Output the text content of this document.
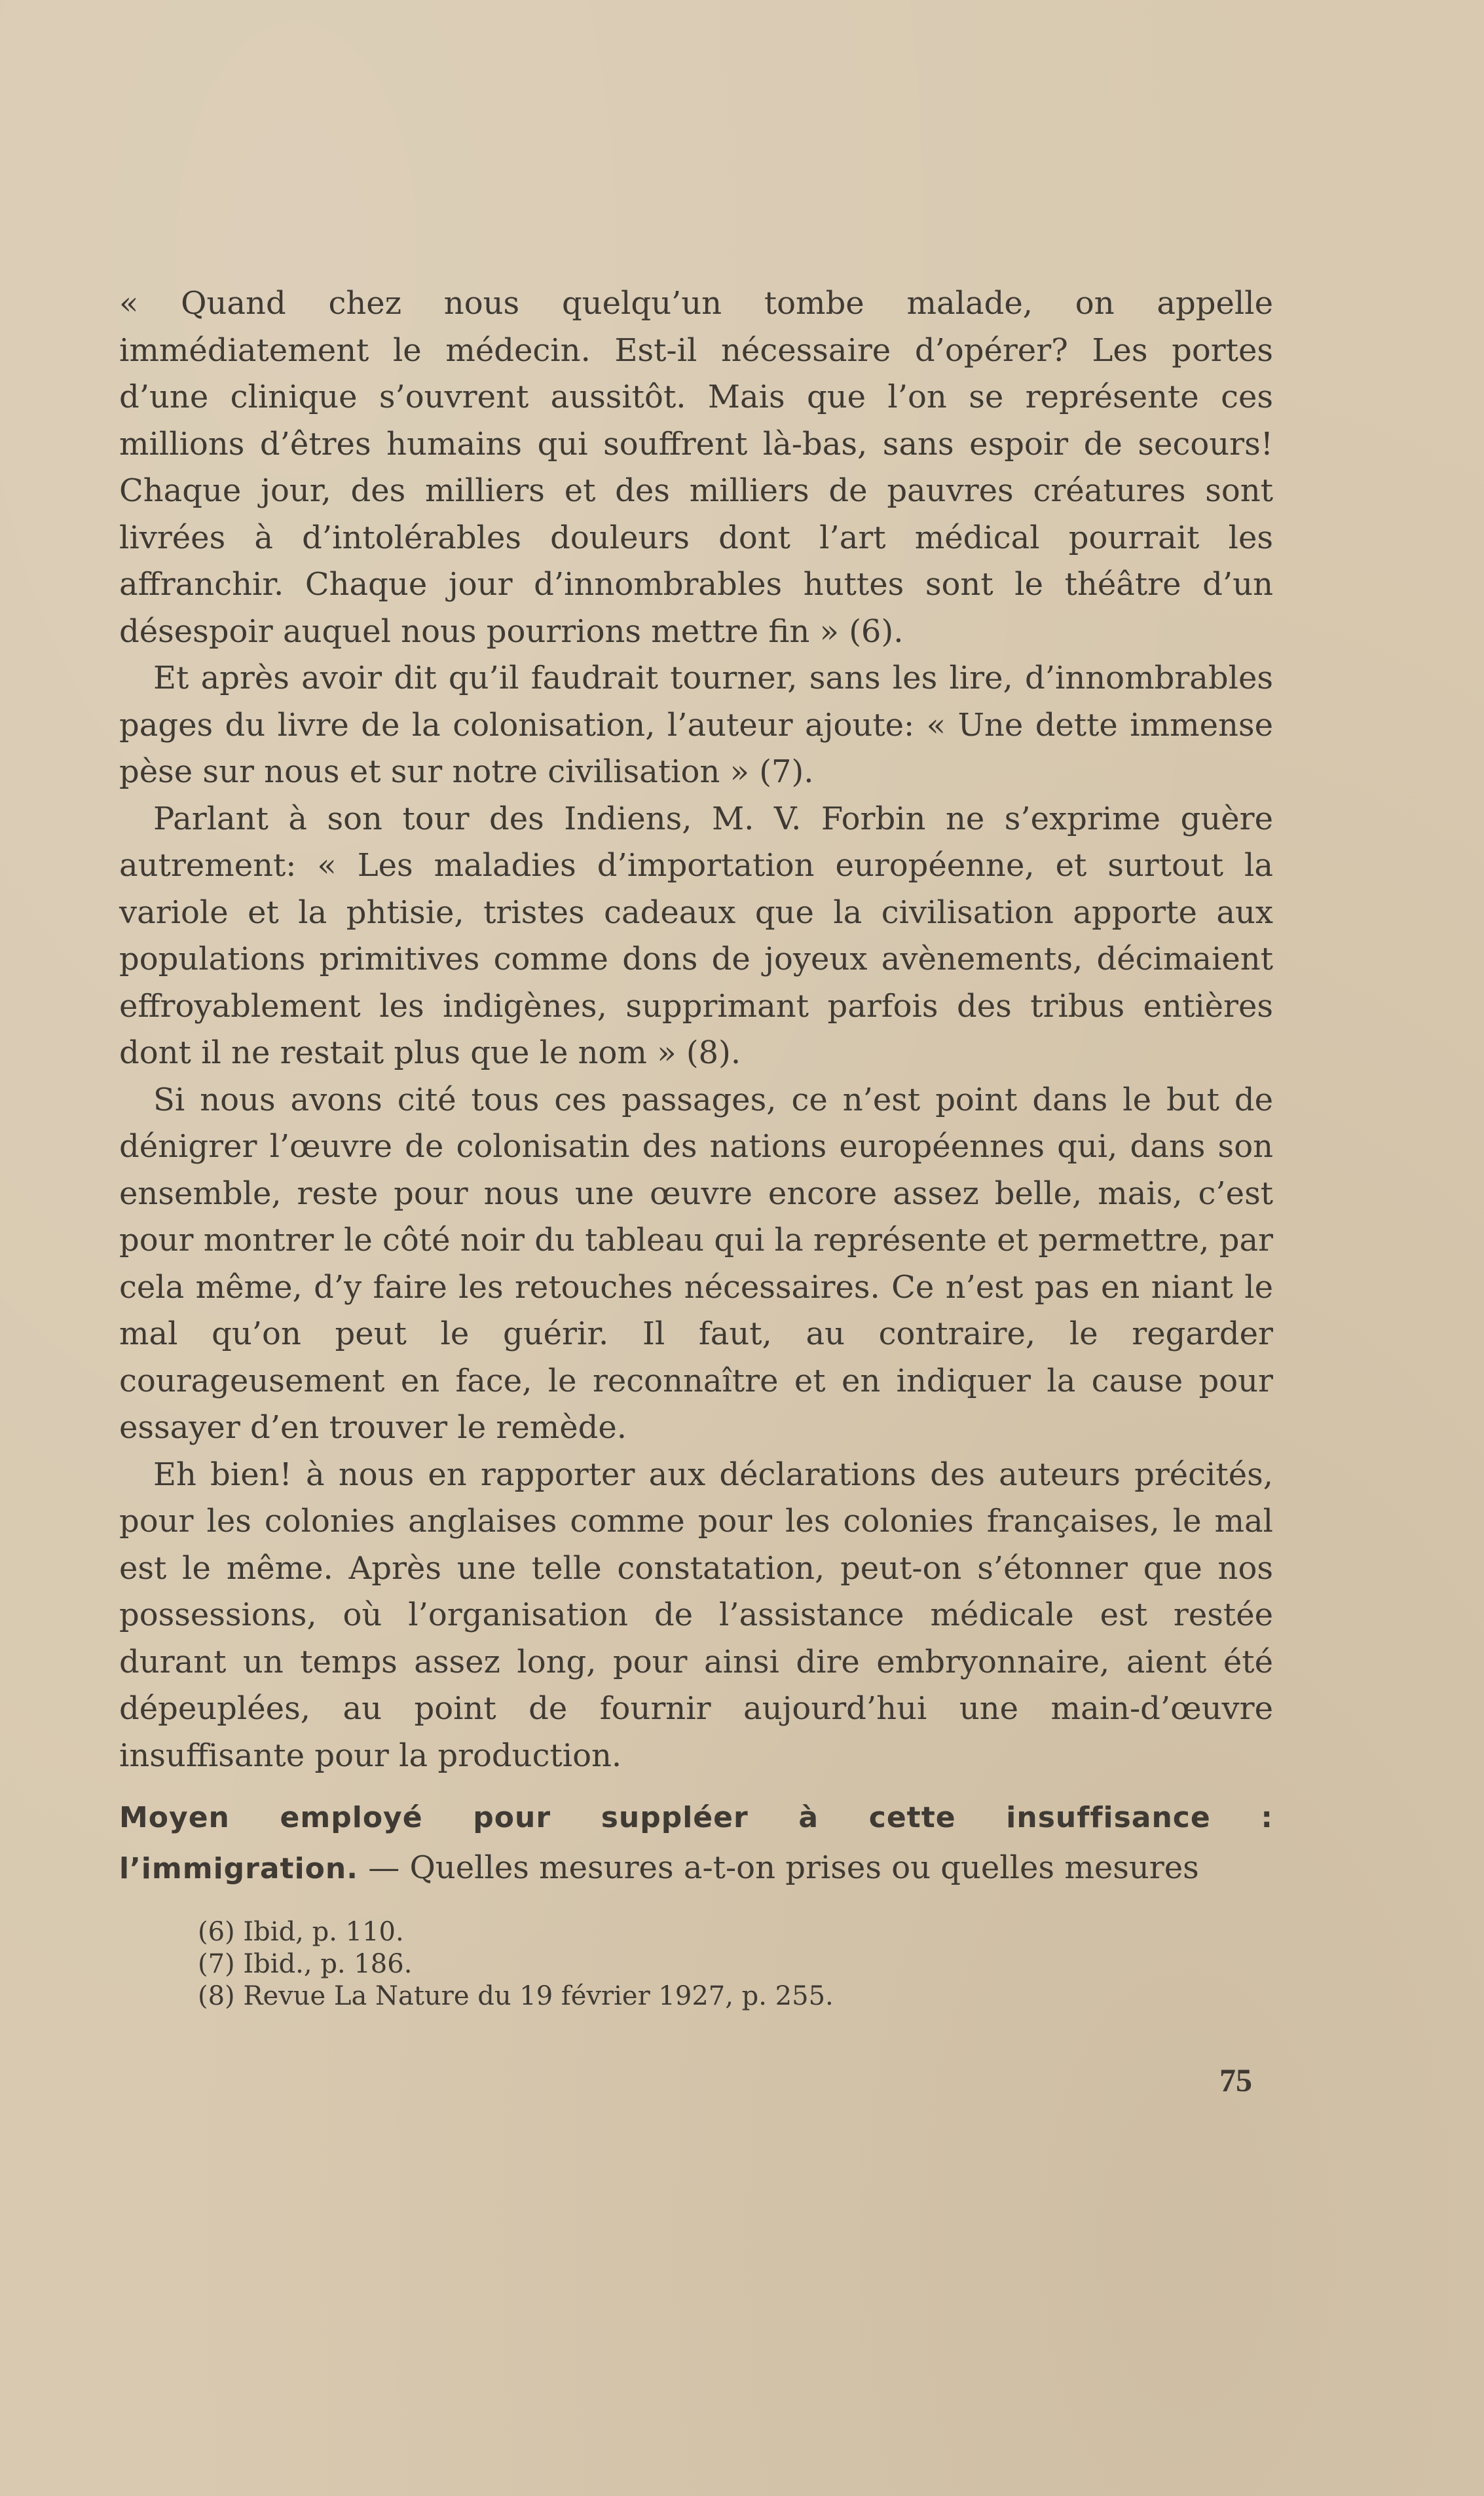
« Quand chez nous quelqu’un tombe malade, on appelle immédiatement le médecin. Est-il nécessaire d’opérer? Les portes d’une clinique s’ouvrent aussitôt. Mais que l’on se représente ces millions d’êtres humains qui souffrent là-bas, sans espoir de secours! Chaque jour, des milliers et des milliers de pauvres créatures sont livrées à d’intolérables douleurs dont l’art médical pourrait les affranchir. Chaque jour d’innombrables huttes sont le théâtre d’un désespoir auquel nous pourrions mettre fin » (6).

Et après avoir dit qu’il faudrait tourner, sans les lire, d’innombrables pages du livre de la colonisation, l’auteur ajoute: « Une dette immense pèse sur nous et sur notre civilisation » (7).

Parlant à son tour des Indiens, M. V. Forbin ne s’exprime guère autrement: « Les maladies d’importation européenne, et surtout la variole et la phtisie, tristes cadeaux que la civilisation apporte aux populations primitives comme dons de joyeux avènements, décimaient effroyablement les indigènes, supprimant parfois des tribus entières dont il ne restait plus que le nom » (8).

Si nous avons cité tous ces passages, ce n’est point dans le but de dénigrer l’œuvre de colonisatin des nations européennes qui, dans son ensemble, reste pour nous une œuvre encore assez belle, mais, c’est pour montrer le côté noir du tableau qui la représente et permettre, par cela même, d’y faire les retouches nécessaires. Ce n’est pas en niant le mal qu’on peut le guérir. Il faut, au contraire, le regarder courageusement en face, le reconnaître et en indiquer la cause pour essayer d’en trouver le remède.

Eh bien! à nous en rapporter aux déclarations des auteurs précités, pour les colonies anglaises comme pour les colonies françaises, le mal est le même. Après une telle constatation, peut-on s’étonner que nos possessions, où l’organisation de l’assistance médicale est restée durant un temps assez long, pour ainsi dire embryonnaire, aient été dépeuplées, au point de fournir aujourd’hui une main-d’œuvre insuffisante pour la production.

Moyen employé pour suppléer à cette insuffisance : l’immigration. — Quelles mesures a-t-on prises ou quelles mesures

(6) Ibid, p. 110.
(7) Ibid., p. 186.
(8) Revue La Nature du 19 février 1927, p. 255.
75
